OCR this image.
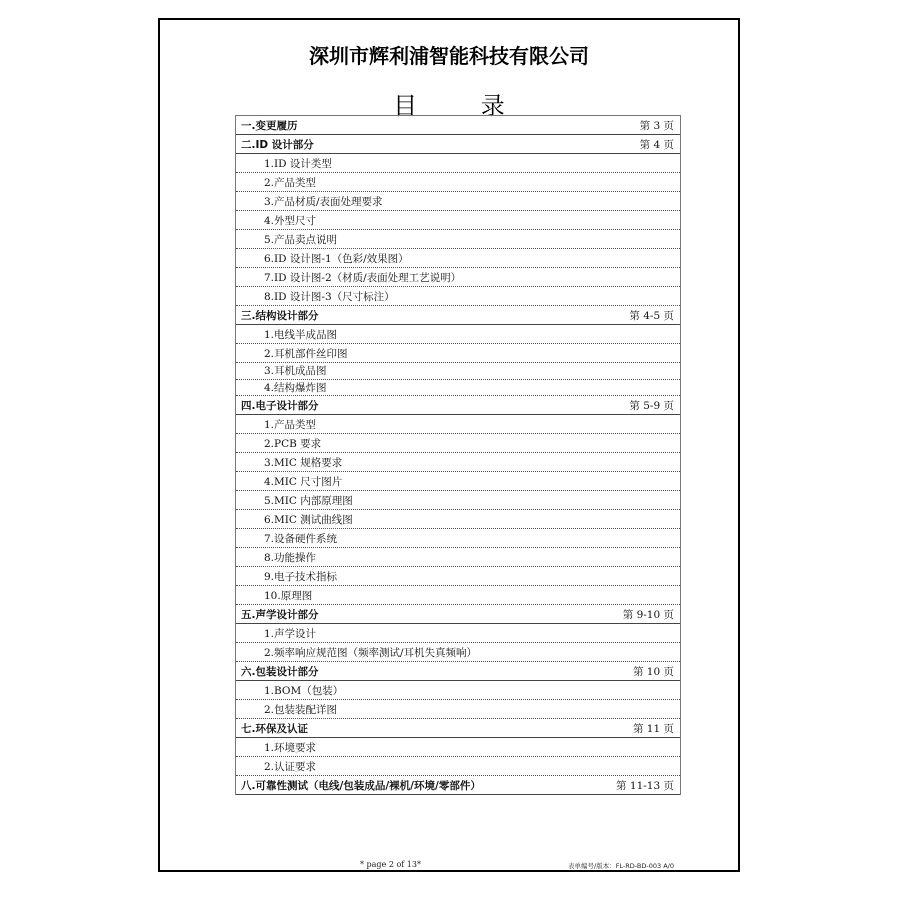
深圳市辉利浦智能科技有限公司
目 录
一.变更履历	第 3 页
二.ID 设计部分	第 4 页
1.ID 设计类型
2.产品类型
3.产品材质/表面处理要求
4.外型尺寸
5.产品卖点说明
6.ID 设计图-1（色彩/效果图）
7.ID 设计图-2（材质/表面处理工艺说明）
8.ID 设计图-3（尺寸标注）
三.结构设计部分	第 4-5 页
1.电线半成品图
2.耳机部件丝印图
3.耳机成品图
4.结构爆炸图
四.电子设计部分	第 5-9 页
1.产品类型
2.PCB 要求
3.MIC 规格要求
4.MIC 尺寸图片
5.MIC 内部原理图
6.MIC 测试曲线图
7.设备硬件系统
8.功能操作
9.电子技术指标
10.原理图
五.声学设计部分	第 9-10 页
1.声学设计
2.频率响应规范图（频率测试/耳机失真频响）
六.包装设计部分	第 10 页
1.BOM（包装）
2.包装装配详图
七.环保及认证	第 11 页
1.环境要求
2.认证要求
八.可靠性测试（电线/包装成品/裸机/环境/零部件）	第 11-13 页
* page 2 of 13*	表单编号/版本：FL-RD-BD-003 A/0
